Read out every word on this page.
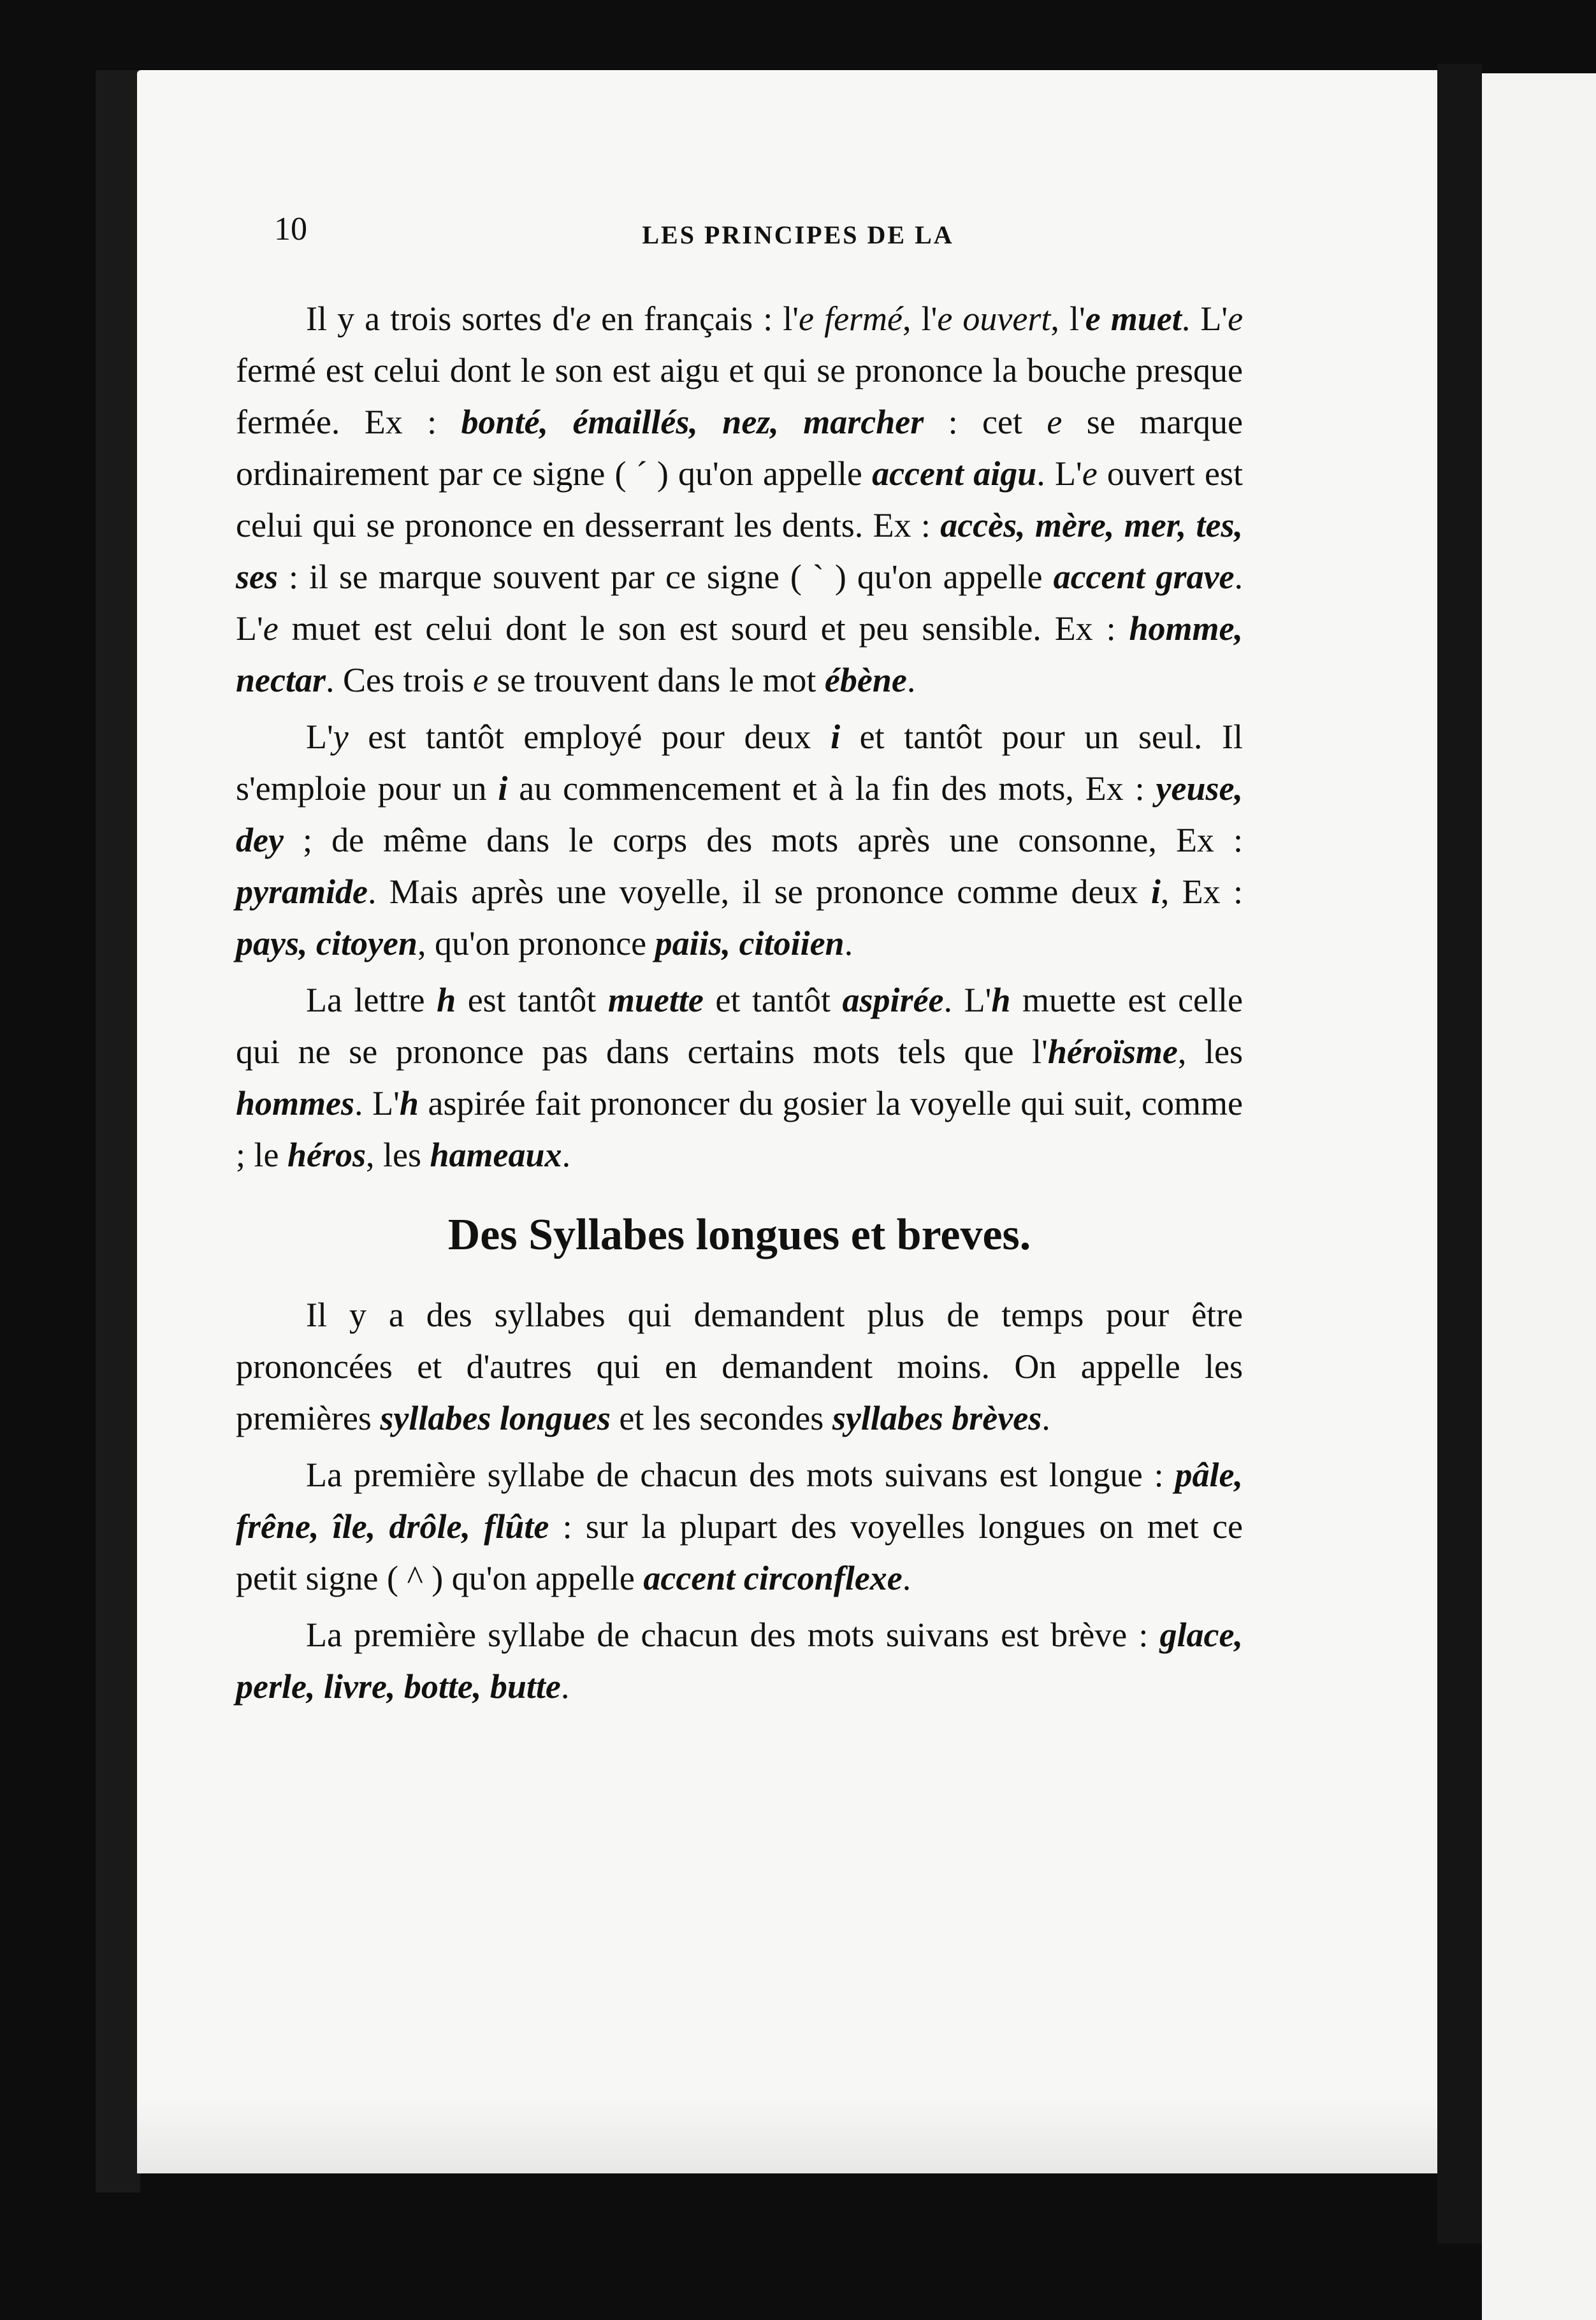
10	LES PRINCIPES DE LA

Il y a trois sortes d'e en français : l'e fermé, l'e ouvert, l'e muet. L'e fermé est celui dont le son est aigu et qui se prononce la bouche presque fermée. Ex : bonté, émaillés, nez, marcher : cet e se marque ordinairement par ce signe ( ´ ) qu'on appelle accent aigu. L'e ouvert est celui qui se prononce en desserrant les dents. Ex : accès, mère, mer, tes, ses : il se marque souvent par ce signe ( ` ) qu'on appelle accent grave. L'e muet est celui dont le son est sourd et peu sensible. Ex : homme, nectar. Ces trois e se trouvent dans le mot ébène.

L'y est tantôt employé pour deux i et tantôt pour un seul. Il s'emploie pour un i au commencement et à la fin des mots, Ex : yeuse, dey ; de même dans le corps des mots après une consonne, Ex : pyramide. Mais après une voyelle, il se prononce comme deux i, Ex : pays, citoyen, qu'on prononce paiis, citoiien.

La lettre h est tantôt muette et tantôt aspirée. L'h muette est celle qui ne se prononce pas dans certains mots tels que l'héroïsme, les hommes. L'h aspirée fait prononcer du gosier la voyelle qui suit, comme ; le héros, les hameaux.

Des Syllabes longues et breves.

Il y a des syllabes qui demandent plus de temps pour être prononcées et d'autres qui en demandent moins. On appelle les premières syllabes longues et les secondes syllabes brèves.

La première syllabe de chacun des mots suivans est longue : pâle, frêne, île, drôle, flûte : sur la plupart des voyelles longues on met ce petit signe ( ^ ) qu'on appelle accent circonflexe.

La première syllabe de chacun des mots suivans est brève : glace, perle, livre, botte, butte.
